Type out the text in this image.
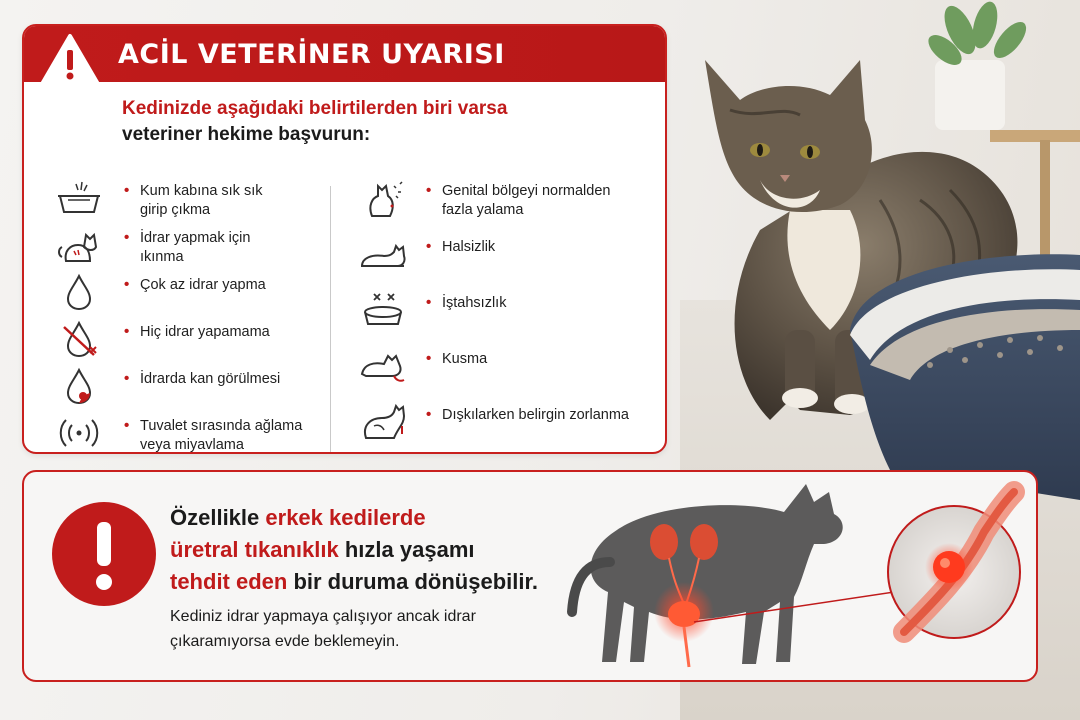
ACİL VETERİNER UYARISI
Kedinizde aşağıdaki belirtilerden biri varsa
veteriner hekime başvurun:
• Kum kabına sık sık
girip çıkma
• İdrar yapmak için
ıkınma
• Çok az idrar yapma
• Hiç idrar yapamama
• İdrarda kan görülmesi
• Tuvalet sırasında ağlama
veya miyavlama
• Genital bölgeyi normalden
fazla yalama
• Halsizlik
• İştahsızlık
• Kusma
• Dışkılarken belirgin zorlanma
Özellikle erkek kedilerde
üretral tıkanıklık hızla yaşamı
tehdit eden bir duruma dönüşebilir.
Kediniz idrar yapmaya çalışıyor ancak idrar
çıkaramıyorsa evde beklemeyin.
